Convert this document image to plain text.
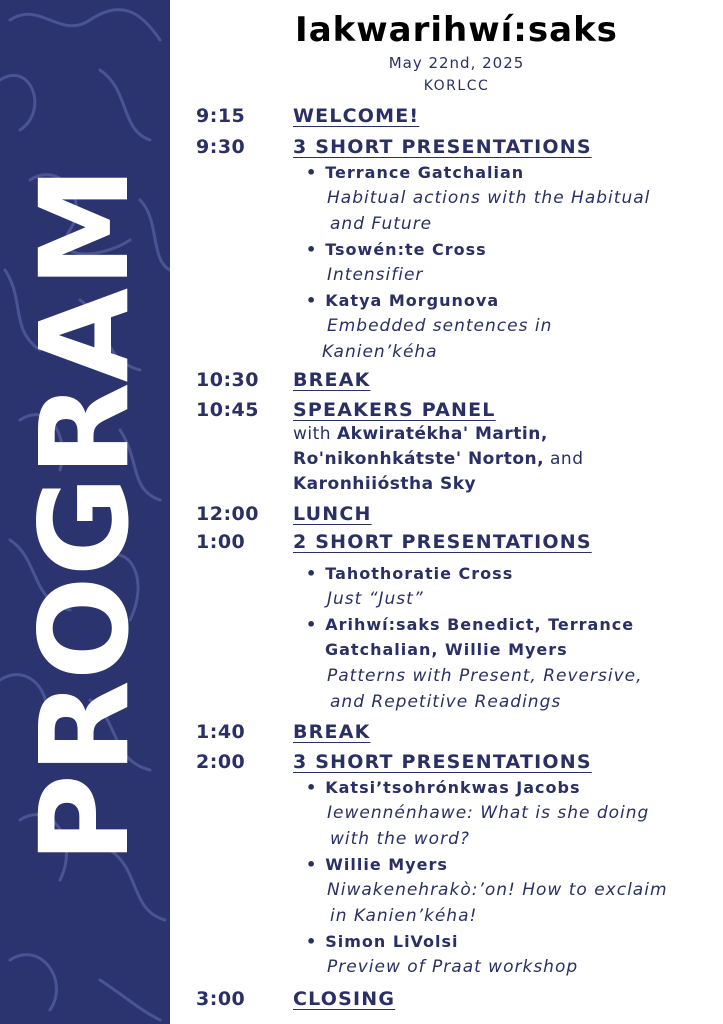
PROGRAM
Iakwarihwí:saks
May 22nd, 2025
KORLCC
9:15	WELCOME!
9:30	3 SHORT PRESENTATIONS
• Terrance Gatchalian
Habitual actions with the Habitual
and Future
• Tsowén:te Cross
Intensifier
• Katya Morgunova
Embedded sentences in
Kanien’kéha
10:30 BREAK
10:45 SPEAKERS PANEL
with Akwiratékha' Martin,
Ro'nikonhkátste' Norton, and
Karonhiióstha Sky
12:00 LUNCH
1:00	2 SHORT PRESENTATIONS
• Tahothoratie Cross
Just “Just”
• Arihwí:saks Benedict, Terrance
Gatchalian, Willie Myers
Patterns with Present, Reversive,
and Repetitive Readings
1:40	BREAK
2:00	3 SHORT PRESENTATIONS
• Katsi’tsohrónkwas Jacobs
Iewennénhawe: What is she doing
with the word?
• Willie Myers
Niwakenehrakò:’on! How to exclaim
in Kanien’kéha!
• Simon LiVolsi
Preview of Praat workshop
3:00	CLOSING
